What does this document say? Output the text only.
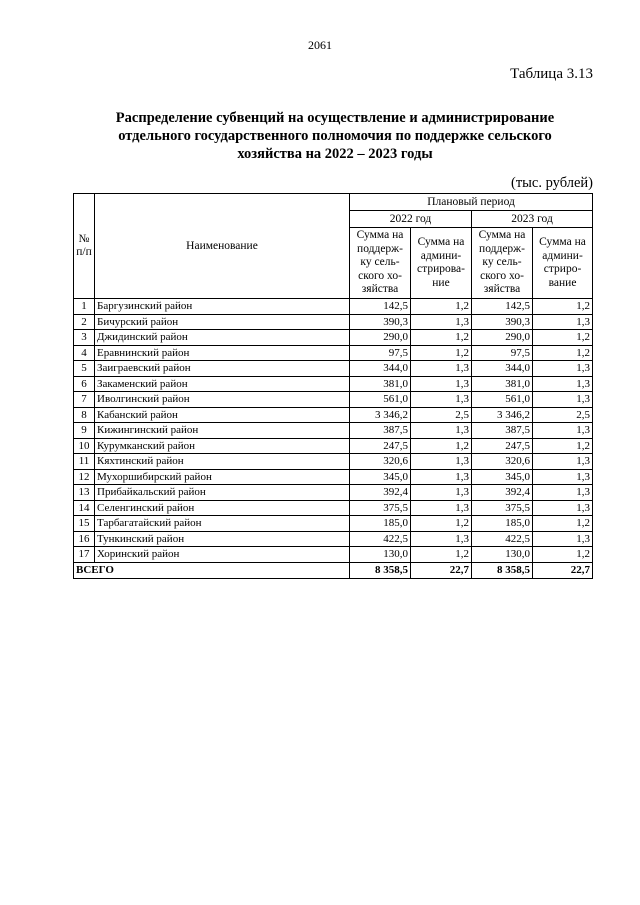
2061
Таблица 3.13
Распределение субвенций на осуществление и администрирование
отдельного государственного полномочия по поддержке сельского
хозяйства на 2022 – 2023 годы
(тыс. рублей)
№ п/п	Наименование	Плановый период			
		2022 год		2023 год	
		Сумма на поддерж- ку сель- ского хо- зяйства	Сумма на админи- стрирова- ние	Сумма на поддерж- ку сель- ского хо- зяйства	Сумма на админи- стриро- вание
1	Баргузинский район	142,5	1,2	142,5	1,2
2	Бичурский район	390,3	1,3	390,3	1,3
3	Джидинский район	290,0	1,2	290,0	1,2
4	Еравнинский район	97,5	1,2	97,5	1,2
5	Заиграевский район	344,0	1,3	344,0	1,3
6	Закаменский район	381,0	1,3	381,0	1,3
7	Иволгинский район	561,0	1,3	561,0	1,3
8	Кабанский район	3 346,2	2,5	3 346,2	2,5
9	Кижингинский район	387,5	1,3	387,5	1,3
10	Курумканский район	247,5	1,2	247,5	1,2
11	Кяхтинский район	320,6	1,3	320,6	1,3
12	Мухоршибирский район	345,0	1,3	345,0	1,3
13	Прибайкальский район	392,4	1,3	392,4	1,3
14	Селенгинский район	375,5	1,3	375,5	1,3
15	Тарбагатайский район	185,0	1,2	185,0	1,2
16	Тункинский район	422,5	1,3	422,5	1,3
17	Хоринский район	130,0	1,2	130,0	1,2
ВСЕГО		8 358,5	22,7	8 358,5	22,7
